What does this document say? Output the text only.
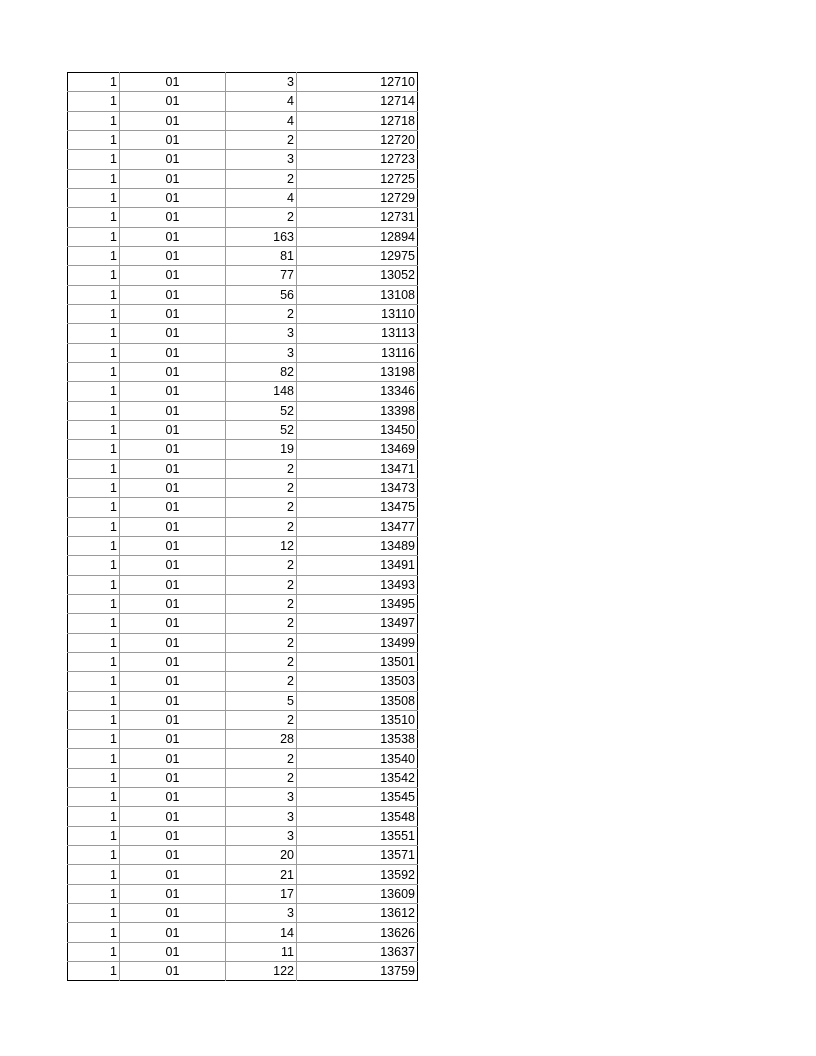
1	01	3	12710
1	01	4	12714
1	01	4	12718
1	01	2	12720
1	01	3	12723
1	01	2	12725
1	01	4	12729
1	01	2	12731
1	01	163	12894
1	01	81	12975
1	01	77	13052
1	01	56	13108
1	01	2	13110
1	01	3	13113
1	01	3	13116
1	01	82	13198
1	01	148	13346
1	01	52	13398
1	01	52	13450
1	01	19	13469
1	01	2	13471
1	01	2	13473
1	01	2	13475
1	01	2	13477
1	01	12	13489
1	01	2	13491
1	01	2	13493
1	01	2	13495
1	01	2	13497
1	01	2	13499
1	01	2	13501
1	01	2	13503
1	01	5	13508
1	01	2	13510
1	01	28	13538
1	01	2	13540
1	01	2	13542
1	01	3	13545
1	01	3	13548
1	01	3	13551
1	01	20	13571
1	01	21	13592
1	01	17	13609
1	01	3	13612
1	01	14	13626
1	01	11	13637
1	01	122	13759
